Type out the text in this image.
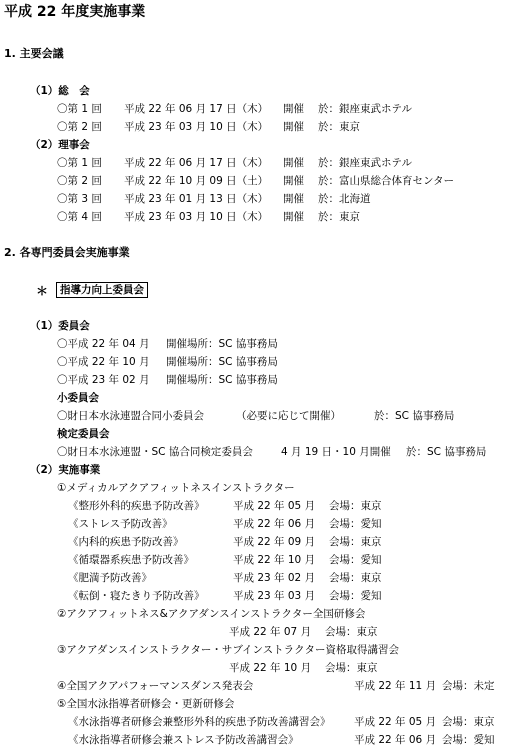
平成 22 年度実施事業
1. 主要会議
（1）総　会
〇第 1 回 平成 22 年 06 月 17 日（木） 開催 於：銀座東武ホテル
〇第 2 回 平成 23 年 03 月 10 日（木） 開催 於：東京
（2）理事会
〇第 1 回 平成 22 年 06 月 17 日（木） 開催 於：銀座東武ホテル
〇第 2 回 平成 22 年 10 月 09 日（土） 開催 於：富山県総合体育センター
〇第 3 回 平成 23 年 01 月 13 日（木） 開催 於：北海道
〇第 4 回 平成 23 年 03 月 10 日（木） 開催 於：東京
2. 各専門委員会実施事業
＊	指導力向上委員会
（1）委員会
〇平成 22 年 04 月 開催場所：SC 協事務局
〇平成 22 年 10 月 開催場所：SC 協事務局
〇平成 23 年 02 月 開催場所：SC 協事務局
小委員会
〇財日本水泳連盟合同小委員会	（必要に応じて開催）	於：SC 協事務局
検定委員会
〇財日本水泳連盟・SC 協合同検定委員会	4 月 19 日・10 月開催 於：SC 協事務局
（2）実施事業
①メディカルアクアフィットネスインストラクター
《整形外科的疾患予防改善》	平成 22 年 05 月 会場：東京
《ストレス予防改善》	平成 22 年 06 月 会場：愛知
《内科的疾患予防改善》	平成 22 年 09 月 会場：東京
《循環器系疾患予防改善》	平成 22 年 10 月 会場：愛知
《肥満予防改善》	平成 23 年 02 月 会場：東京
《転倒・寝たきり予防改善》	平成 23 年 03 月 会場：愛知
②アクアフィットネス&アクアダンスインストラクター全国研修会
平成 22 年 07 月 会場：東京
③アクアダンスインストラクター・サブインストラクター資格取得講習会
平成 22 年 10 月 会場：東京
④全国アクアパフォーマンスダンス発表会	平成 22 年 11 月 会場：未定
⑤全国水泳指導者研修会・更新研修会
《水泳指導者研修会兼整形外科的疾患予防改善講習会》 平成 22 年 05 月 会場：東京
《水泳指導者研修会兼ストレス予防改善講習会》	平成 22 年 06 月 会場：愛知
